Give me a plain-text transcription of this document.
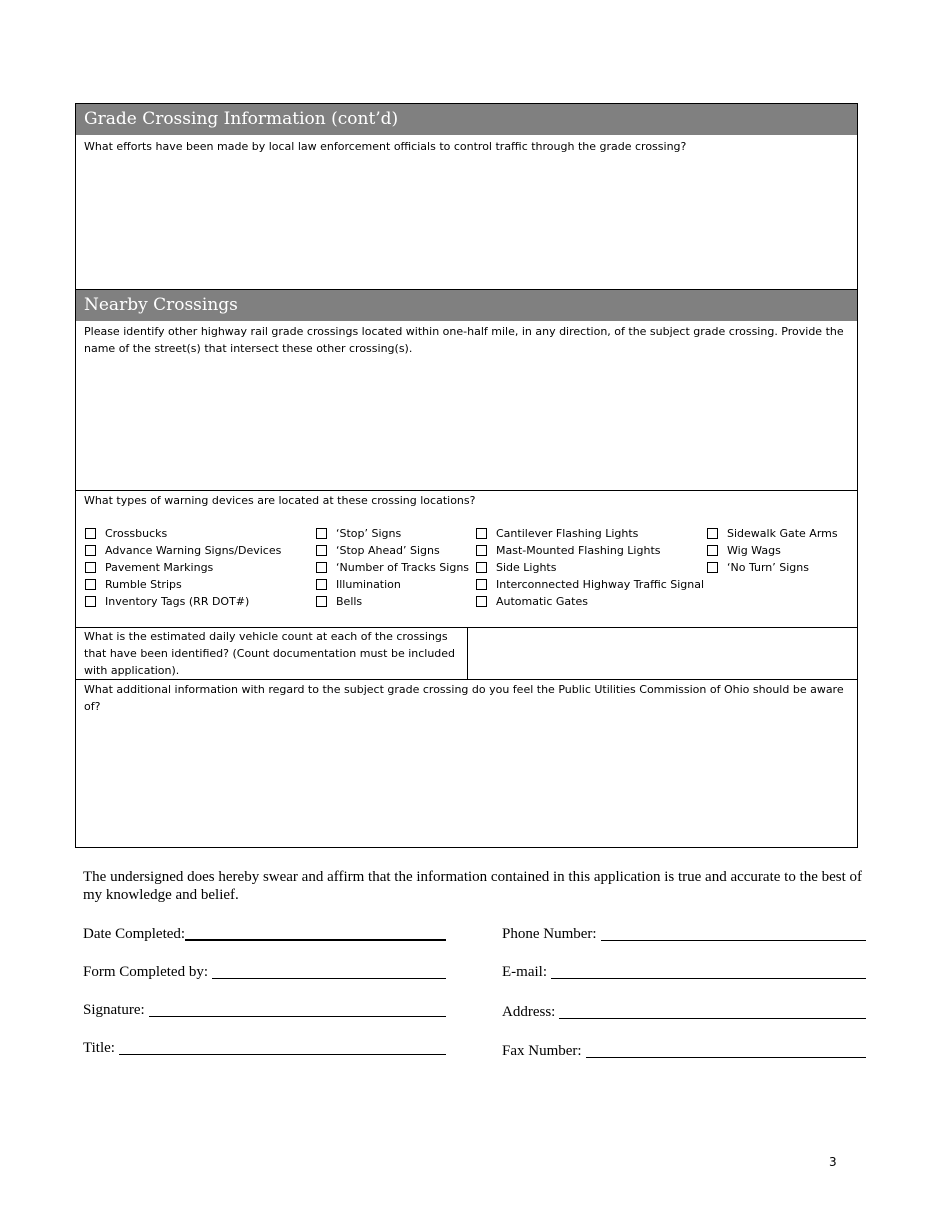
Grade Crossing Information (cont’d)
What efforts have been made by local law enforcement officials to control traffic through the grade crossing?
Nearby Crossings
Please identify other highway rail grade crossings located within one-half mile, in any direction, of the subject grade crossing. Provide the name of the street(s) that intersect these other crossing(s).
What types of warning devices are located at these crossing locations?
Crossbucks
Advance Warning Signs/Devices
Pavement Markings
Rumble Strips
Inventory Tags (RR DOT#)
‘Stop’ Signs
‘Stop Ahead’ Signs
‘Number of Tracks Signs
Illumination
Bells
Cantilever Flashing Lights
Mast-Mounted Flashing Lights
Side Lights
Interconnected Highway Traffic Signal
Automatic Gates
Sidewalk Gate Arms
Wig Wags
‘No Turn’ Signs
What is the estimated daily vehicle count at each of the crossings that have been identified? (Count documentation must be included with application).
What additional information with regard to the subject grade crossing do you feel the Public Utilities Commission of Ohio should be aware of?
The undersigned does hereby swear and affirm that the information contained in this application is true and accurate to the best of my knowledge and belief.
Date Completed:
Form Completed by:
Signature:
Title:
Phone Number:
E-mail:
Address:
Fax Number:
3
